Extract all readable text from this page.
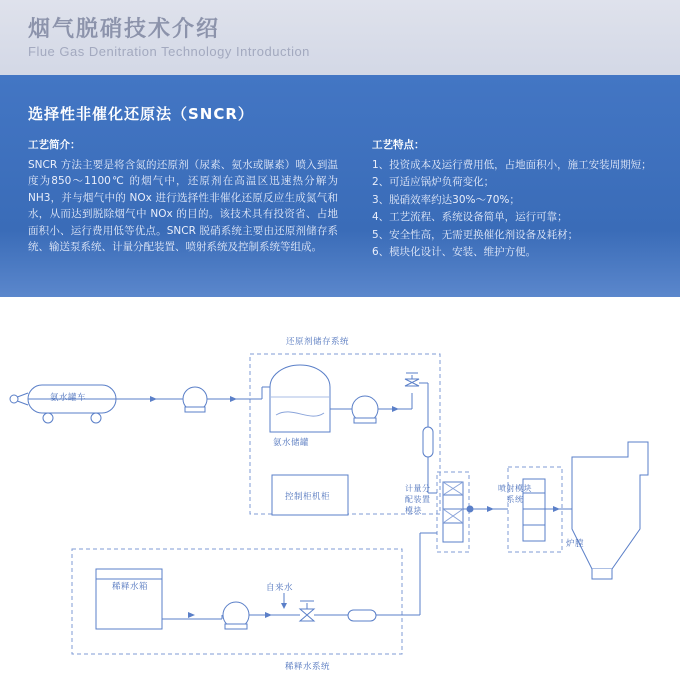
烟气脱硝技术介绍
Flue Gas Denitration Technology Introduction
选择性非催化还原法（SNCR）
工艺简介：
SNCR 方法主要是将含氮的还原剂（尿素、氨水或脲素）喷入到温度为850～1100℃ 的烟气中，还原剂在高温区迅速热分解为 NH3，并与烟气中的 NOx 进行选择性非催化还原反应生成氮气和水，从而达到脱除烟气中 NOx 的目的。该技术具有投资省、占地面积小、运行费用低等优点。SNCR 脱硝系统主要由还原剂储存系统、输送泵系统、计量分配装置、喷射系统及控制系统等组成。
工艺特点：

1、投资成本及运行费用低，占地面积小，施工安装周期短；

2、可适应锅炉负荷变化；

3、脱硝效率约达30%～70%；

4、工艺流程、系统设备简单，运行可靠；

5、安全性高，无需更换催化剂设备及耗材；

6、模块化设计、安装、维护方便。

还原剂储存系统
氨水罐车
氨水储罐
控制柜机柜
计量分配装置模块
喷射模块系统
炉膛
稀释水系统
稀释水箱	自来水
